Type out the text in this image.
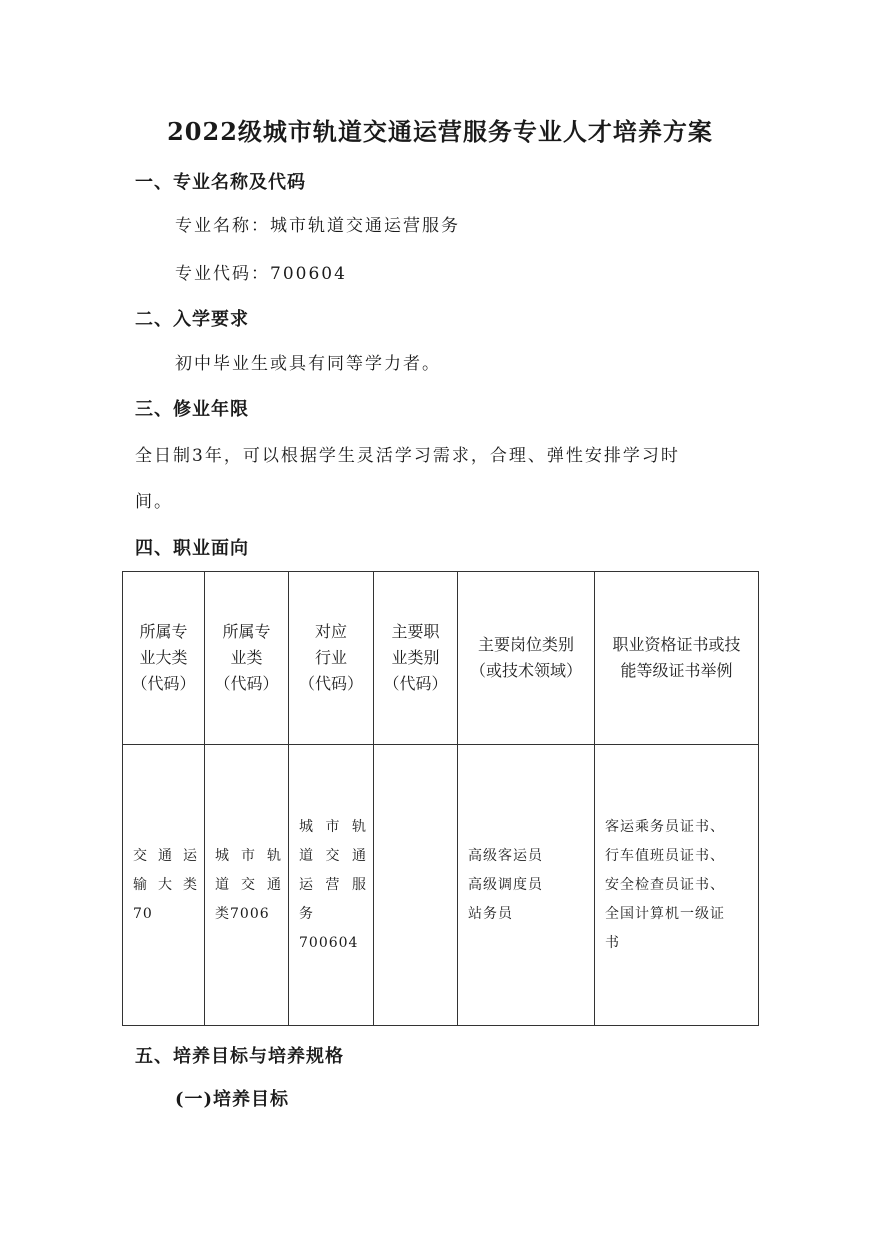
2022级城市轨道交通运营服务专业人才培养方案
一、专业名称及代码
专业名称：城市轨道交通运营服务
专业代码：700604
二、入学要求
初中毕业生或具有同等学力者。
三、修业年限
全日制3年，可以根据学生灵活学习需求，合理、弹性安排学习时
间。
四、职业面向
所属专
业大类
（代码）	所属专
业类
（代码）	对应
行业
（代码）	主要职
业类别
（代码）	主要岗位类别
（或技术领域）	职业资格证书或技
能等级证书举例

交通运
输大类
70	城市轨
道交通
类7006	城市轨
道交通
运营服
务
700604		高级客运员
高级调度员
站务员	客运乘务员证书、
行车值班员证书、
安全检查员证书、
全国计算机一级证
书
五、培养目标与培养规格
(一)培养目标
